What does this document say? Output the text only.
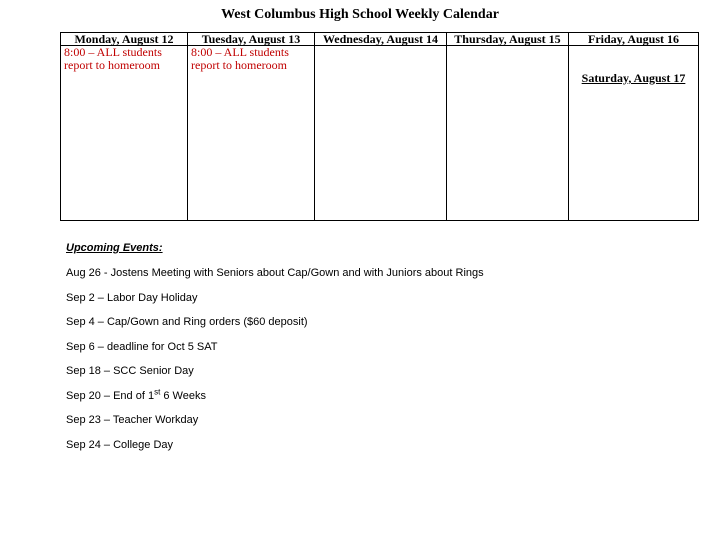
West Columbus High School Weekly Calendar
Monday, August 12	Tuesday, August 13	Wednesday, August 14	Thursday, August 15	Friday, August 16
8:00 – ALL students report to homeroom	8:00 – ALL students report to homeroom			Saturday, August 17
Upcoming Events:
Aug 26 - Jostens Meeting with Seniors about Cap/Gown and with Juniors about Rings
Sep 2 – Labor Day Holiday
Sep 4 – Cap/Gown and Ring orders ($60 deposit)
Sep 6 – deadline for Oct 5 SAT
Sep 18 – SCC Senior Day
Sep 20 – End of 1st 6 Weeks
Sep 23 – Teacher Workday
Sep 24 – College Day
